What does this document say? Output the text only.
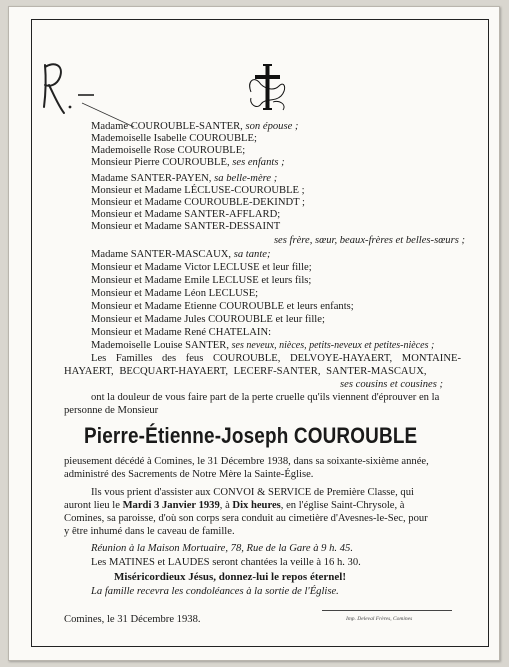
Madame COUROUBLE-SANTER, son épouse ;
Mademoiselle Isabelle COUROUBLE;
Mademoiselle Rose COUROUBLE;
Monsieur Pierre COUROUBLE, ses enfants ;
Madame SANTER-PAYEN, sa belle-mère ;
Monsieur et Madame LÉCLUSE-COUROUBLE ;
Monsieur et Madame COUROUBLE-DEKINDT ;
Monsieur et Madame SANTER-AFFLARD;
Monsieur et Madame SANTER-DESSAINT
ses frère, sœur, beaux-frères et belles-sœurs ;
Madame SANTER-MASCAUX, sa tante;
Monsieur et Madame Victor LECLUSE et leur fille;
Monsieur et Madame Emile LECLUSE et leurs fils;
Monsieur et Madame Léon LECLUSE;
Monsieur et Madame Etienne COUROUBLE et leurs enfants;
Monsieur et Madame Jules COUROUBLE et leur fille;
Monsieur et Madame René CHATELAIN:
Mademoiselle Louise SANTER, ses neveux, nièces, petits-neveux et petites-nièces ;
Les Familles des feus COUROUBLE, DELVOYE-HAYAERT, MONTAINE-
HAYAERT, BECQUART-HAYAERT, LECERF-SANTER, SANTER-MASCAUX,
ses cousins et cousines ;
ont la douleur de vous faire part de la perte cruelle qu'ils viennent d'éprouver en la
personne de Monsieur
Pierre-Étienne-Joseph COUROUBLE
pieusement décédé à Comines, le 31 Décembre 1938, dans sa soixante-sixième année,
administré des Sacrements de Notre Mère la Sainte-Église.
Ils vous prient d'assister aux CONVOI & SERVICE de Première Classe, qui
auront lieu le Mardi 3 Janvier 1939, à Dix heures, en l'église Saint-Chrysole, à
Comines, sa paroisse, d'où son corps sera conduit au cimetière d'Avesnes-le-Sec, pour
y être inhumé dans le caveau de famille.
Réunion à la Maison Mortuaire, 78, Rue de la Gare à 9 h. 45.
Les MATINES et LAUDES seront chantées la veille à 16 h. 30.
Miséricordieux Jésus, donnez-lui le repos éternel!
La famille recevra les condoléances à la sortie de l'Église.
Comines, le 31 Décembre 1938.	Imp. Deleval Frères, Comines
